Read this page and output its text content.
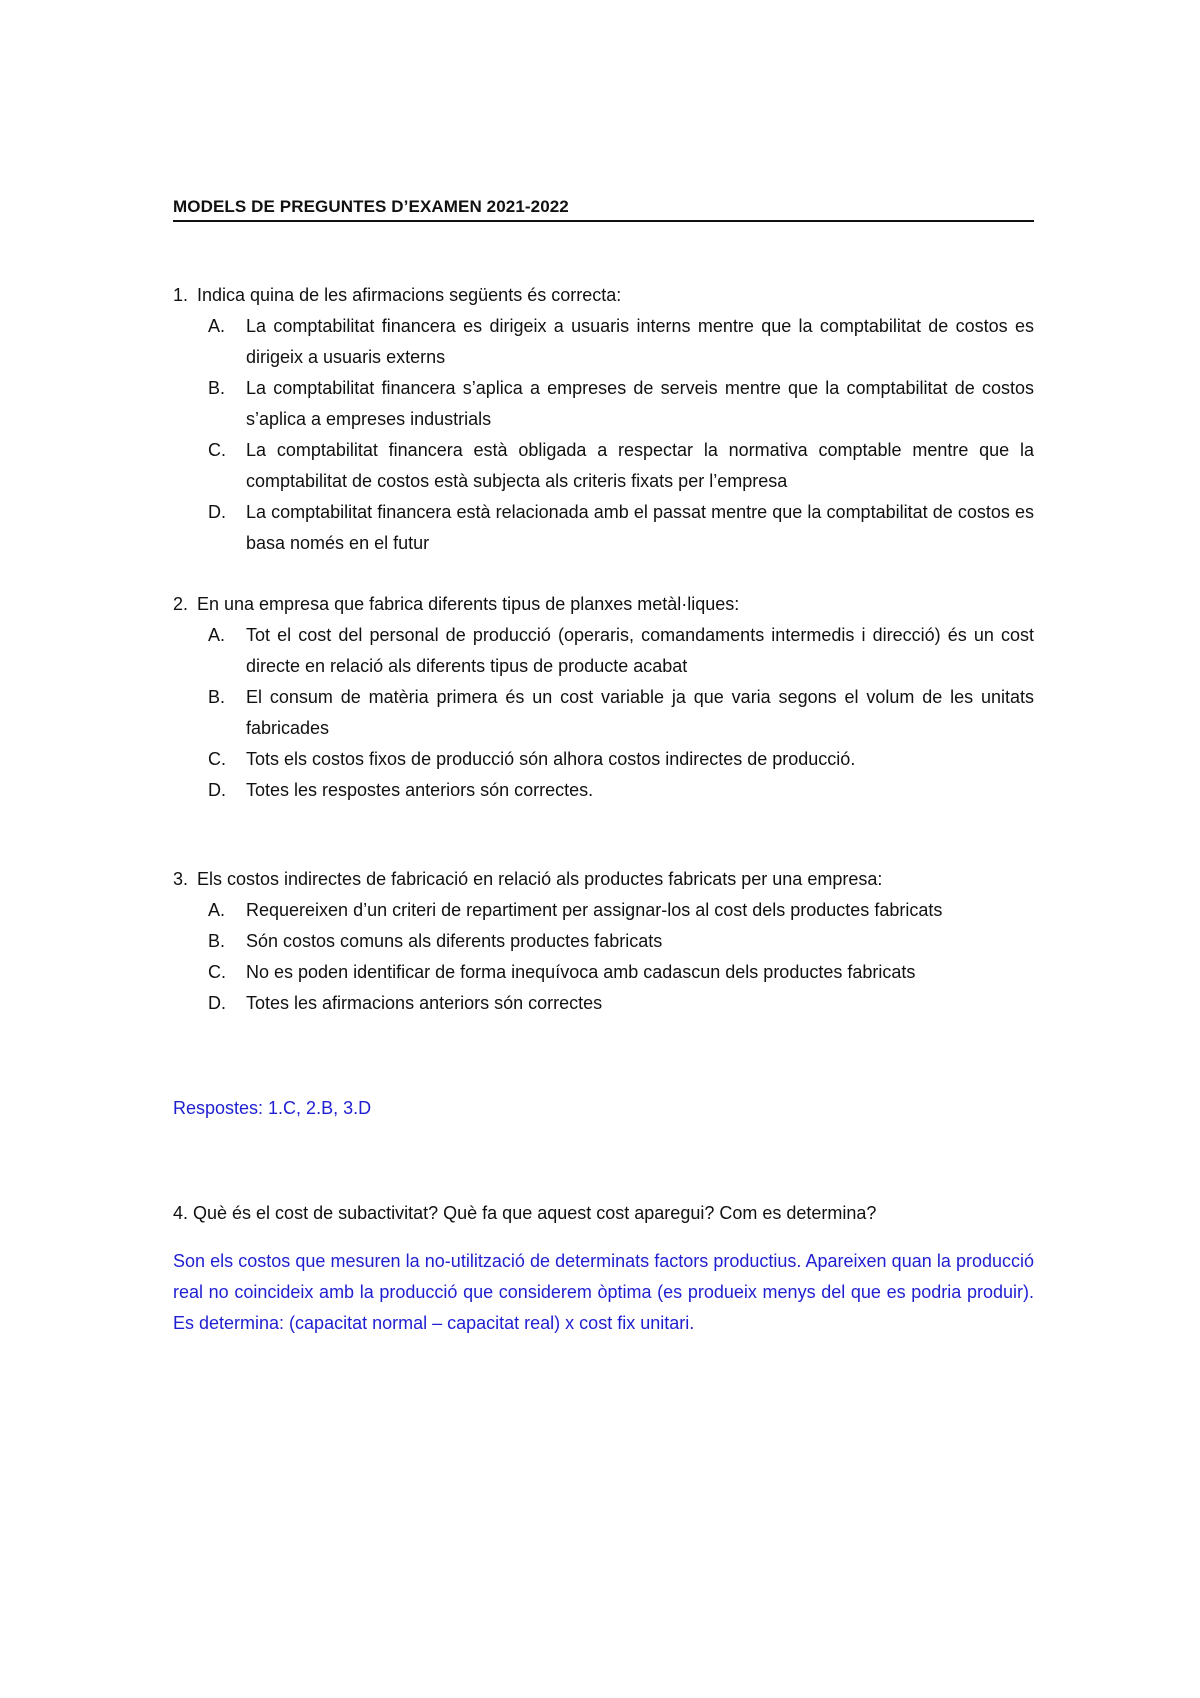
MODELS DE PREGUNTES D’EXAMEN 2021-2022
1. Indica quina de les afirmacions següents és correcta:
A.	La comptabilitat financera es dirigeix a usuaris interns mentre que la comptabilitat de costos es dirigeix a usuaris externs
B.	La comptabilitat financera s’aplica a empreses de serveis mentre que la comptabilitat de costos s’aplica a empreses industrials
C.	La comptabilitat financera està obligada a respectar la normativa comptable mentre que la comptabilitat de costos està subjecta als criteris fixats per l’empresa
D.	La comptabilitat financera està relacionada amb el passat mentre que la comptabilitat de costos es basa només en el futur
2. En una empresa que fabrica diferents tipus de planxes metàl·liques:
A.	Tot el cost del personal de producció (operaris, comandaments intermedis i direcció) és un cost directe en relació als diferents tipus de producte acabat
B.	El consum de matèria primera és un cost variable ja que varia segons el volum de les unitats fabricades
C.	Tots els costos fixos de producció són alhora costos indirectes de producció.
D.	Totes les respostes anteriors són correctes.
3. Els costos indirectes de fabricació en relació als productes fabricats per una empresa:
A.	Requereixen d’un criteri de repartiment per assignar-los al cost dels productes fabricats
B.	Són costos comuns als diferents productes fabricats
C.	No es poden identificar de forma inequívoca amb cadascun dels productes fabricats
D.	Totes les afirmacions anteriors són correctes
Respostes: 1.C, 2.B, 3.D
4. Què és el cost de subactivitat? Què fa que aquest cost aparegui? Com es determina?
Son els costos que mesuren la no-utilització de determinats factors productius. Apareixen quan la producció real no coincideix amb la producció que considerem òptima (es produeix menys del que es podria produir). Es determina: (capacitat normal – capacitat real) x cost fix unitari.
